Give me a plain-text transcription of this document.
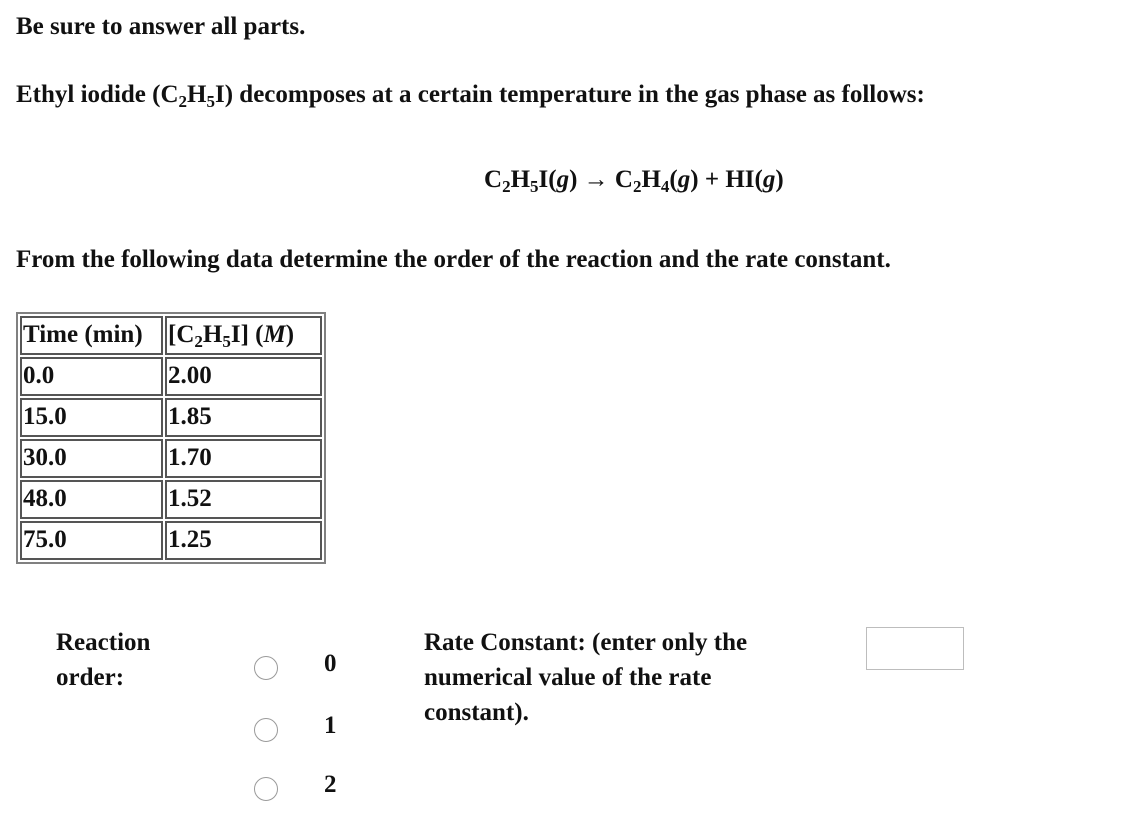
Be sure to answer all parts.
Ethyl iodide $(C_2H_5I)$ decomposes at a certain temperature in the gas phase as follows:
$C_2H_5I(g) \to C_2H_4(g) + HI(g)$
From the following data determine the order of the reaction and the rate constant.
Time (min)	$[C_2H_5I]$ (M)
0.0	2.00
15.0	1.85
30.0	1.70
48.0	1.52
75.0	1.25
Reaction
order:
0
1
2
Rate Constant: (enter only the
numerical value of the rate
constant).
